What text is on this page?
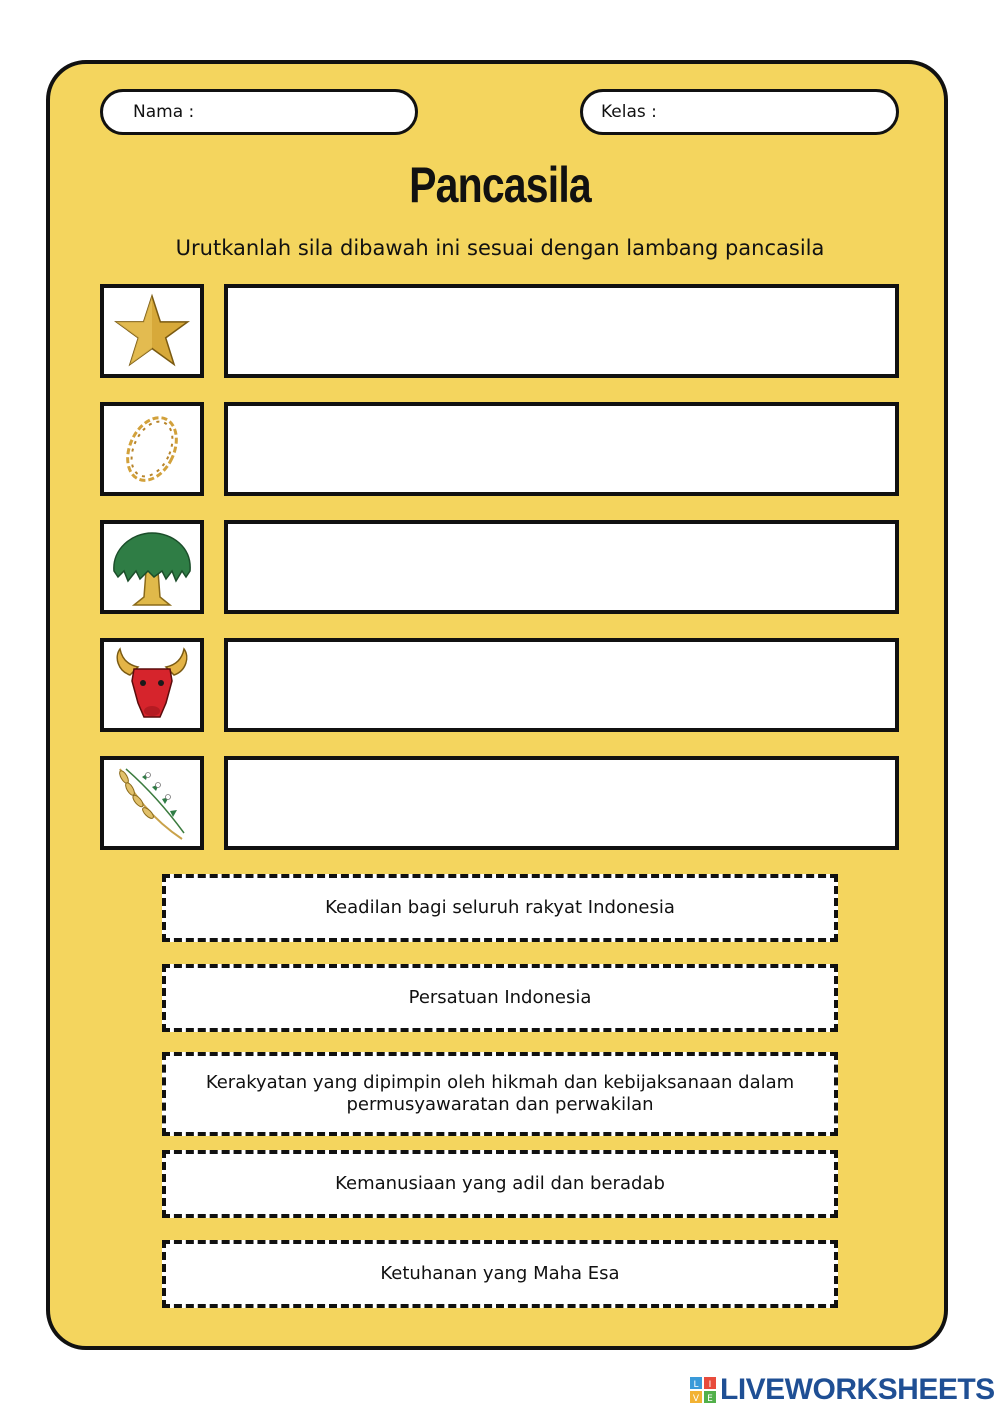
Nama :	Kelas :
Pancasila
Urutkanlah sila dibawah ini sesuai dengan lambang pancasila
Keadilan bagi seluruh rakyat Indonesia
Persatuan Indonesia
Kerakyatan yang dipimpin oleh hikmah dan kebijaksanaan dalam permusyawaratan dan perwakilan
Kemanusiaan yang adil dan beradab
Ketuhanan yang Maha Esa
L I
V E LIVEWORKSHEETS
